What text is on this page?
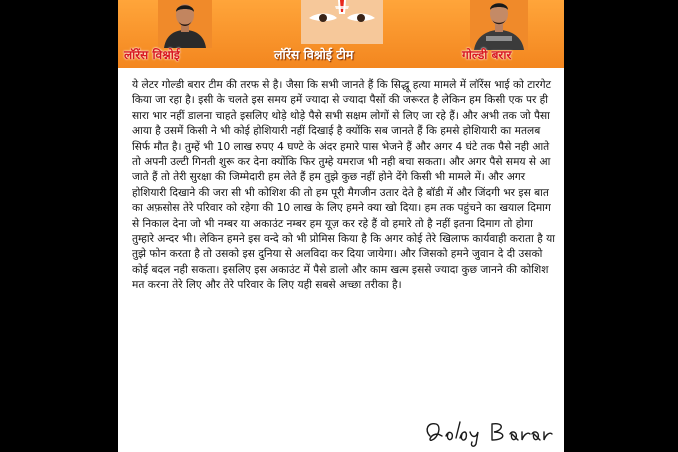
लॉरेंस विश्नोई	लॉरेंस विश्नोई टीम	गोल्डी बरार

ये लेटर गोल्डी बरार टीम की तरफ से है। जैसा कि सभी जानते हैं कि सिद्धू हत्या मामले में लॉरेंस भाई को टारगेट किया जा रहा है। इसी के चलते इस समय हमें ज्यादा से ज्यादा पैसों की जरूरत है लेकिन हम किसी एक पर ही सारा भार नहीं डालना चाहते इसलिए थोड़े थोड़े पैसे सभी सक्षम लोगों से लिए जा रहे हैं। और अभी तक जो पैसा आया है उसमें किसी ने भी कोई होशियारी नहीं दिखाई है क्योंकि सब जानते हैं कि हमसे होशियारी का मतलब सिर्फ मौत है। तुम्हें भी 10 लाख रुपए 4 घण्टे के अंदर हमारे पास भेजने हैं और अगर 4 घंटे तक पैसे नही आते तो अपनी उल्टी गिनती शुरू कर देना क्योंकि फिर तुम्हे यमराज भी नही बचा सकता। और अगर पैसे समय से आ जाते हैं तो तेरी सुरक्षा की जिम्मेदारी हम लेते हैं हम तुझे कुछ नहीं होने देंगे किसी भी मामले में। और अगर होशियारी दिखाने की जरा सी भी कोशिश की तो हम पूरी मैगजीन उतार देते है बॉडी में और जिंदगी भर इस बात का अफ़सोस तेरे परिवार को रहेगा की 10 लाख के लिए हमने क्या खो दिया। हम तक पहुंचने का खयाल दिमाग से निकाल देना जो भी नम्बर या अकाउंट नम्बर हम यूज़ कर रहे हैं वो हमारे तो है नहीं इतना दिमाग तो होगा तुम्हारे अन्दर भी। लेकिन हमने इस वन्दे को भी प्रोमिस किया है कि अगर कोई तेरे खिलाफ कार्यवाही कराता है या तुझे फोन करता है तो उसको इस दुनिया से अलविदा कर दिया जायेगा। और जिसको हमने जुवान दे दी उसको कोई बदल नही सकता। इसलिए इस अकाउंट में पैसे डालो और काम खत्म इससे ज्यादा कुछ जानने की कोशिश मत करना तेरे लिए और तेरे परिवार के लिए यही सबसे अच्छा तरीका है।
